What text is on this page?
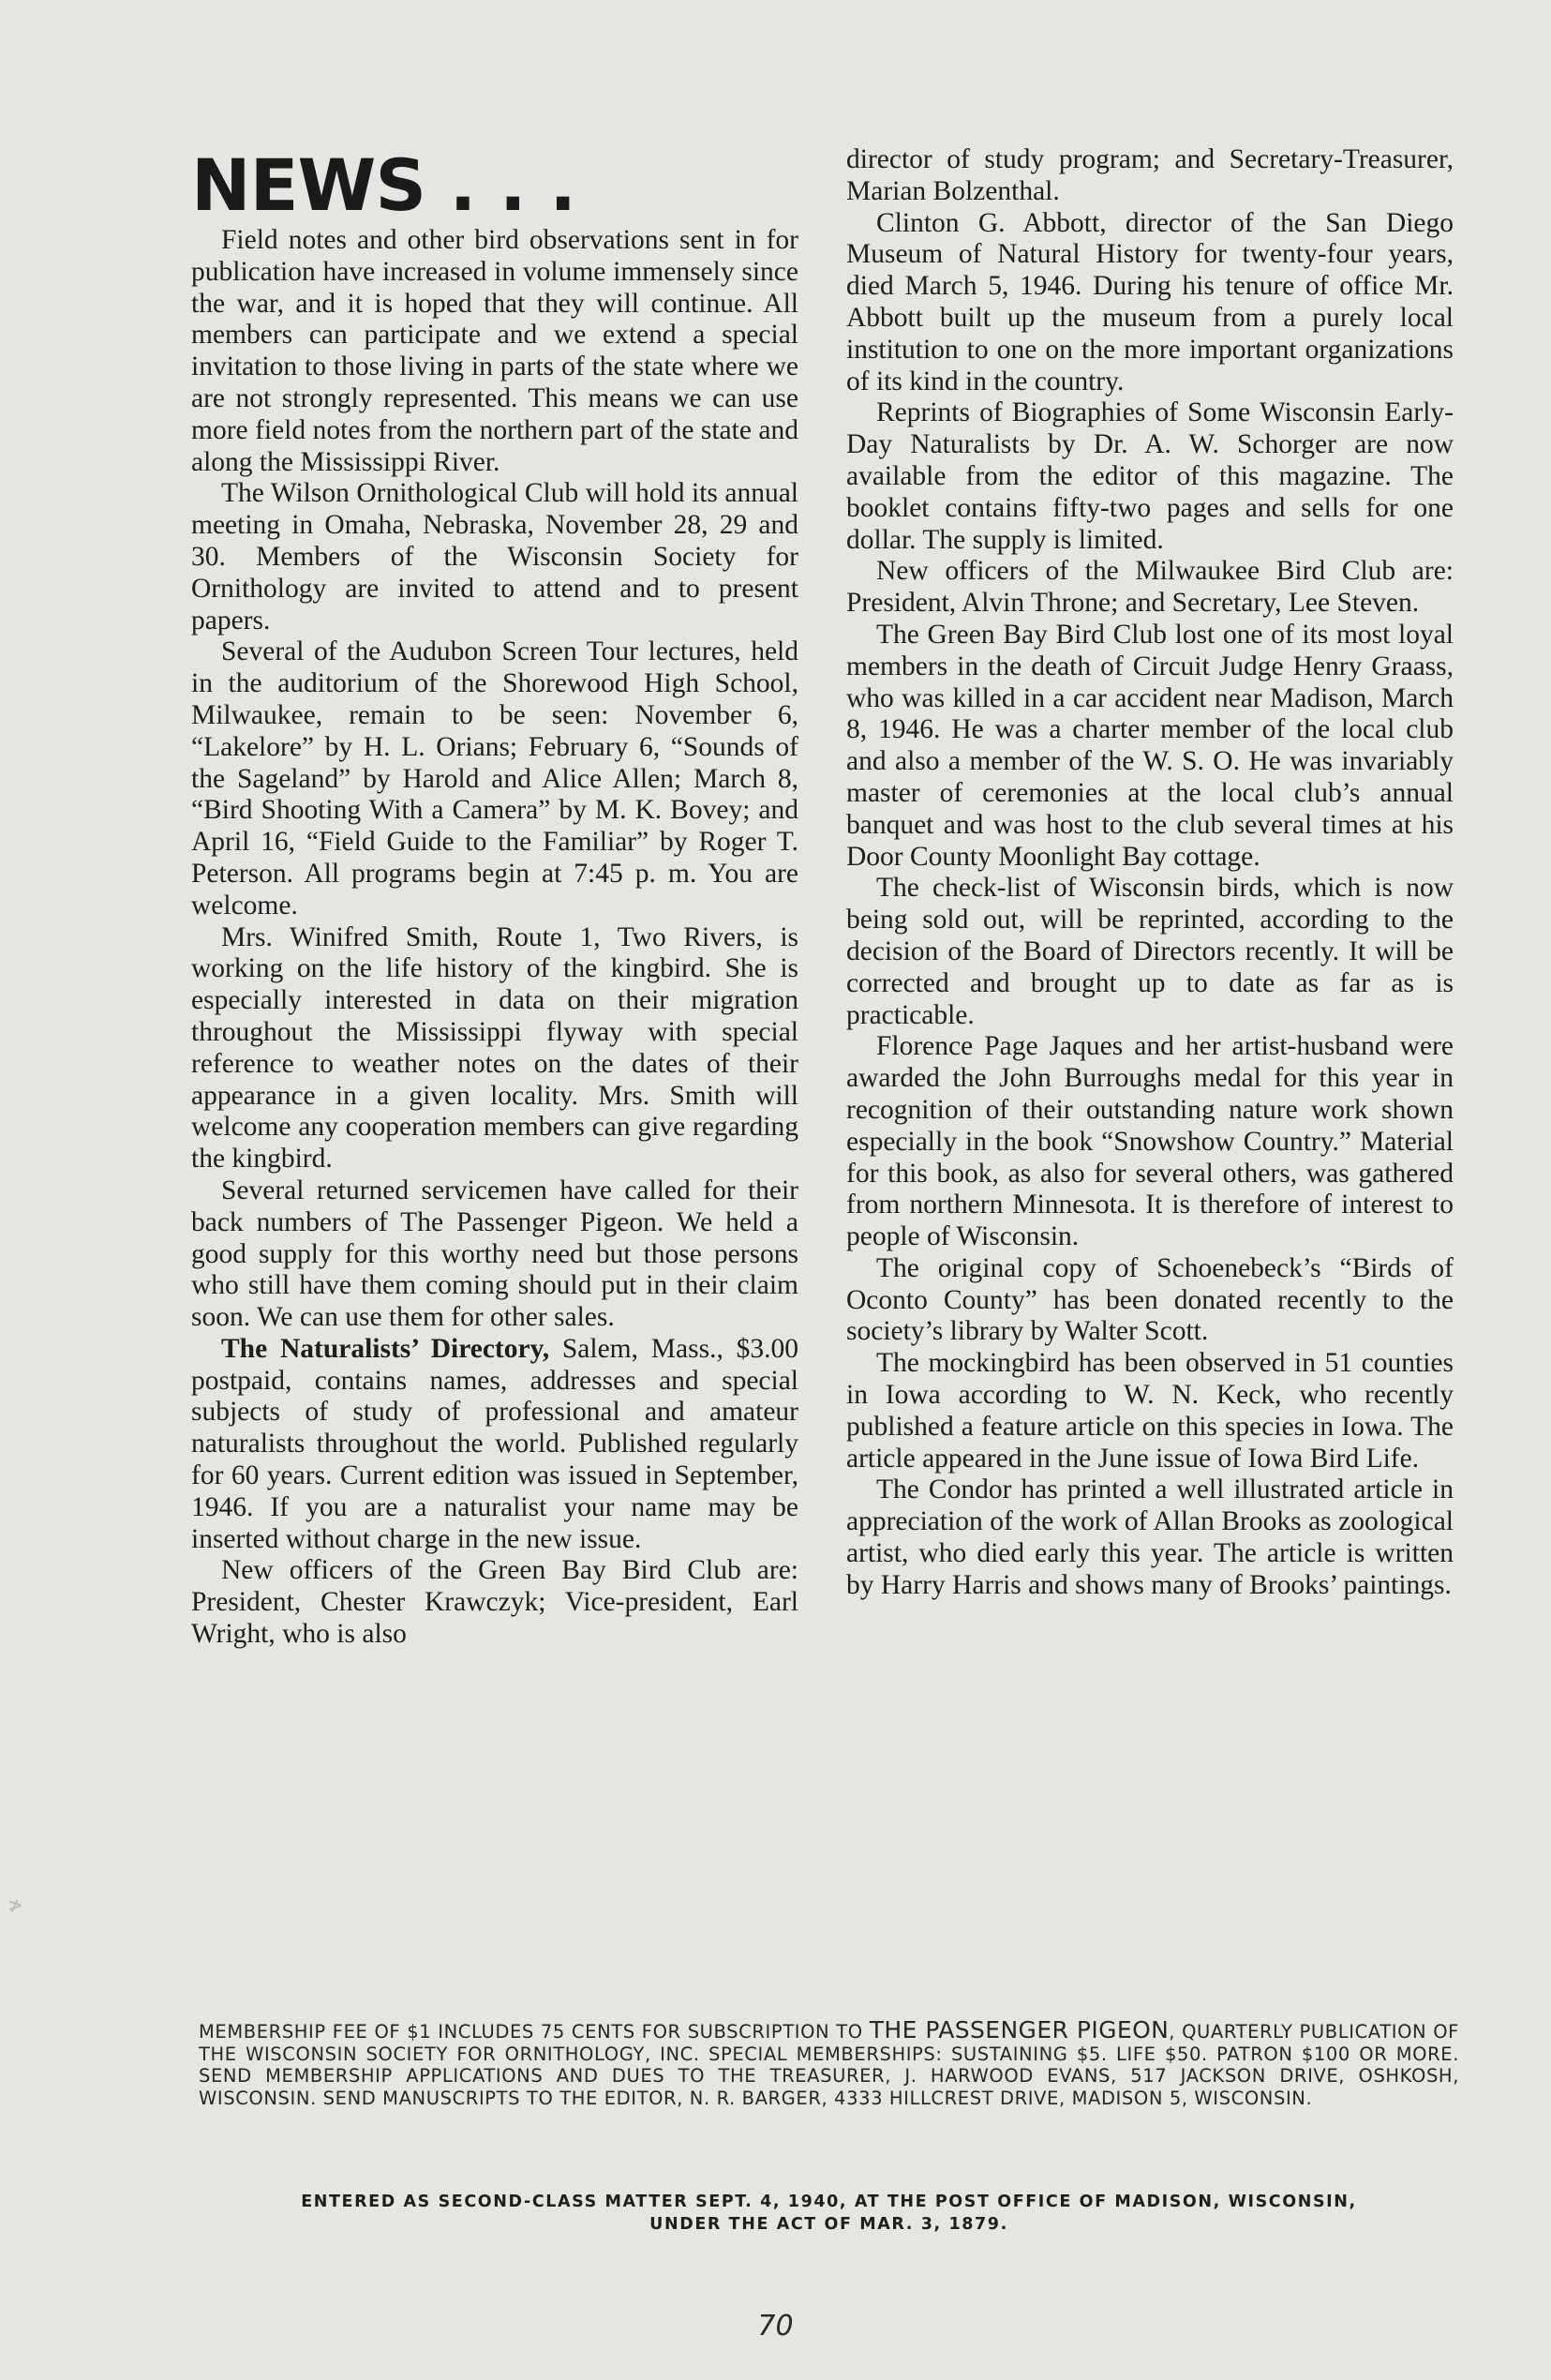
NEWS . . .

Field notes and other bird observations sent in for publication have increased in volume immensely since the war, and it is hoped that they will continue. All members can participate and we extend a special invitation to those living in parts of the state where we are not strongly represented. This means we can use more field notes from the northern part of the state and along the Mississippi River.

The Wilson Ornithological Club will hold its annual meeting in Omaha, Nebraska, November 28, 29 and 30. Members of the Wisconsin Society for Ornithology are invited to attend and to present papers.

Several of the Audubon Screen Tour lectures, held in the auditorium of the Shorewood High School, Milwaukee, remain to be seen: November 6, “Lakelore” by H. L. Orians; February 6, “Sounds of the Sageland” by Harold and Alice Allen; March 8, “Bird Shooting With a Camera” by M. K. Bovey; and April 16, “Field Guide to the Familiar” by Roger T. Peterson. All programs begin at 7:45 p. m. You are welcome.

Mrs. Winifred Smith, Route 1, Two Rivers, is working on the life history of the kingbird. She is especially interested in data on their migration throughout the Mississippi flyway with special reference to weather notes on the dates of their appearance in a given locality. Mrs. Smith will welcome any cooperation members can give regarding the kingbird.

Several returned servicemen have called for their back numbers of The Passenger Pigeon. We held a good supply for this worthy need but those persons who still have them coming should put in their claim soon. We can use them for other sales.

The Naturalists’ Directory, Salem, Mass., $3.00 postpaid, contains names, addresses and special subjects of study of professional and amateur naturalists throughout the world. Published regularly for 60 years. Current edition was issued in September, 1946. If you are a naturalist your name may be inserted without charge in the new issue.

New officers of the Green Bay Bird Club are: President, Chester Krawczyk; Vice-president, Earl Wright, who is also

director of study program; and Secretary-Treasurer, Marian Bolzenthal.

Clinton G. Abbott, director of the San Diego Museum of Natural History for twenty-four years, died March 5, 1946. During his tenure of office Mr. Abbott built up the museum from a purely local institution to one on the more important organizations of its kind in the country.

Reprints of Biographies of Some Wisconsin Early-Day Naturalists by Dr. A. W. Schorger are now available from the editor of this magazine. The booklet contains fifty-two pages and sells for one dollar. The supply is limited.

New officers of the Milwaukee Bird Club are: President, Alvin Throne; and Secretary, Lee Steven.

The Green Bay Bird Club lost one of its most loyal members in the death of Circuit Judge Henry Graass, who was killed in a car accident near Madison, March 8, 1946. He was a charter member of the local club and also a member of the W. S. O. He was invariably master of ceremonies at the local club’s annual banquet and was host to the club several times at his Door County Moonlight Bay cottage.

The check-list of Wisconsin birds, which is now being sold out, will be reprinted, according to the decision of the Board of Directors recently. It will be corrected and brought up to date as far as is practicable.

Florence Page Jaques and her artist-husband were awarded the John Burroughs medal for this year in recognition of their outstanding nature work shown especially in the book “Snowshow Country.” Material for this book, as also for several others, was gathered from northern Minnesota. It is therefore of interest to people of Wisconsin.

The original copy of Schoenebeck’s “Birds of Oconto County” has been donated recently to the society’s library by Walter Scott.

The mockingbird has been observed in 51 counties in Iowa according to W. N. Keck, who recently published a feature article on this species in Iowa. The article appeared in the June issue of Iowa Bird Life.

The Condor has printed a well illustrated article in appreciation of the work of Allan Brooks as zoological artist, who died early this year. The article is written by Harry Harris and shows many of Brooks’ paintings.

≯
MEMBERSHIP FEE OF $1 INCLUDES 75 CENTS FOR SUBSCRIPTION TO THE PASSENGER PIGEON, QUARTERLY PUBLICATION OF THE WISCONSIN SOCIETY FOR ORNITHOLOGY, INC. SPECIAL MEMBERSHIPS: SUSTAINING $5. LIFE $50. PATRON $100 OR MORE. SEND MEMBERSHIP APPLICATIONS AND DUES TO THE TREASURER, J. HARWOOD EVANS, 517 JACKSON DRIVE, OSHKOSH, WISCONSIN. SEND MANUSCRIPTS TO THE EDITOR, N. R. BARGER, 4333 HILLCREST DRIVE, MADISON 5, WISCONSIN.
ENTERED AS SECOND-CLASS MATTER SEPT. 4, 1940, AT THE POST OFFICE OF MADISON, WISCONSIN,
UNDER THE ACT OF MAR. 3, 1879.
70
